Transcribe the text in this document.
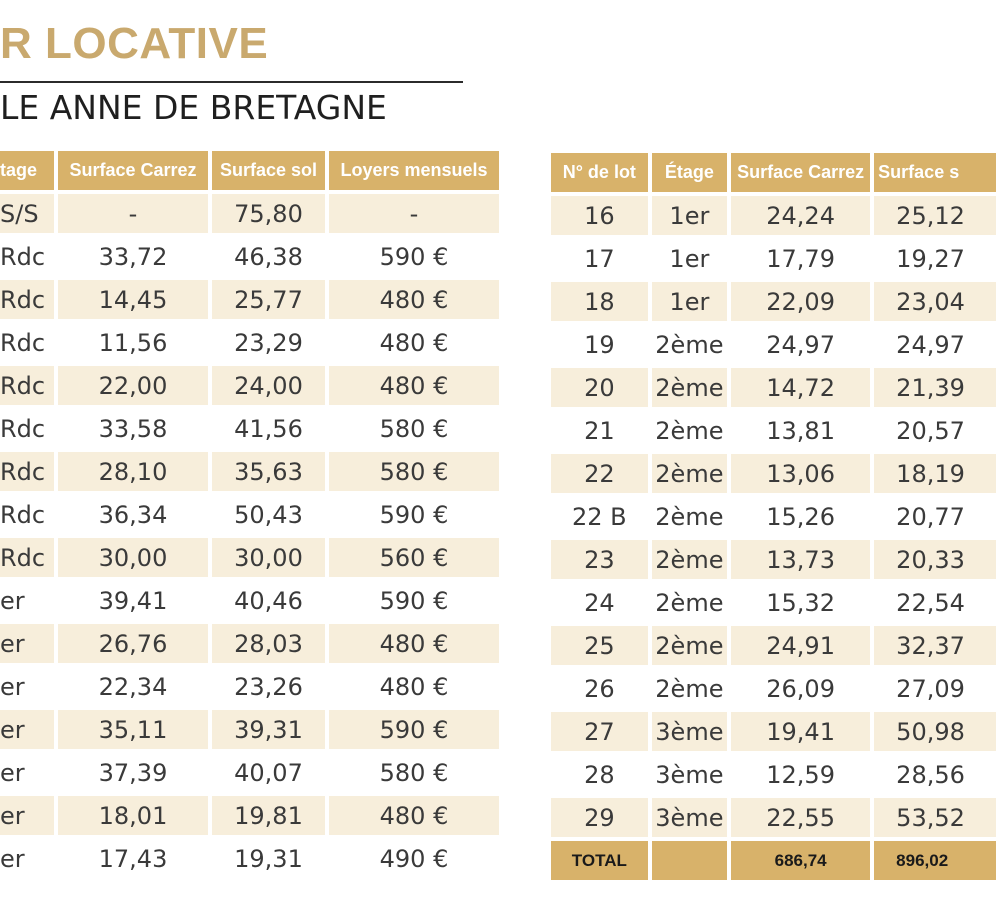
R LOCATIVE
LE ANNE DE BRETAGNE
tage	Surface Carrez	Surface sol	Loyers mensuels
S/S	-	75,80	-
Rdc	33,72	46,38	590 €
Rdc	14,45	25,77	480 €
Rdc	11,56	23,29	480 €
Rdc	22,00	24,00	480 €
Rdc	33,58	41,56	580 €
Rdc	28,10	35,63	580 €
Rdc	36,34	50,43	590 €
Rdc	30,00	30,00	560 €
er	39,41	40,46	590 €
er	26,76	28,03	480 €
er	22,34	23,26	480 €
er	35,11	39,31	590 €
er	37,39	40,07	580 €
er	18,01	19,81	480 €
er	17,43	19,31	490 €
N° de lot	Étage	Surface Carrez	Surface s
16	1er	24,24	25,12
17	1er	17,79	19,27
18	1er	22,09	23,04
19	2ème	24,97	24,97
20	2ème	14,72	21,39
21	2ème	13,81	20,57
22	2ème	13,06	18,19
22 B	2ème	15,26	20,77
23	2ème	13,73	20,33
24	2ème	15,32	22,54
25	2ème	24,91	32,37
26	2ème	26,09	27,09
27	3ème	19,41	50,98
28	3ème	12,59	28,56
29	3ème	22,55	53,52
TOTAL		686,74	896,02
